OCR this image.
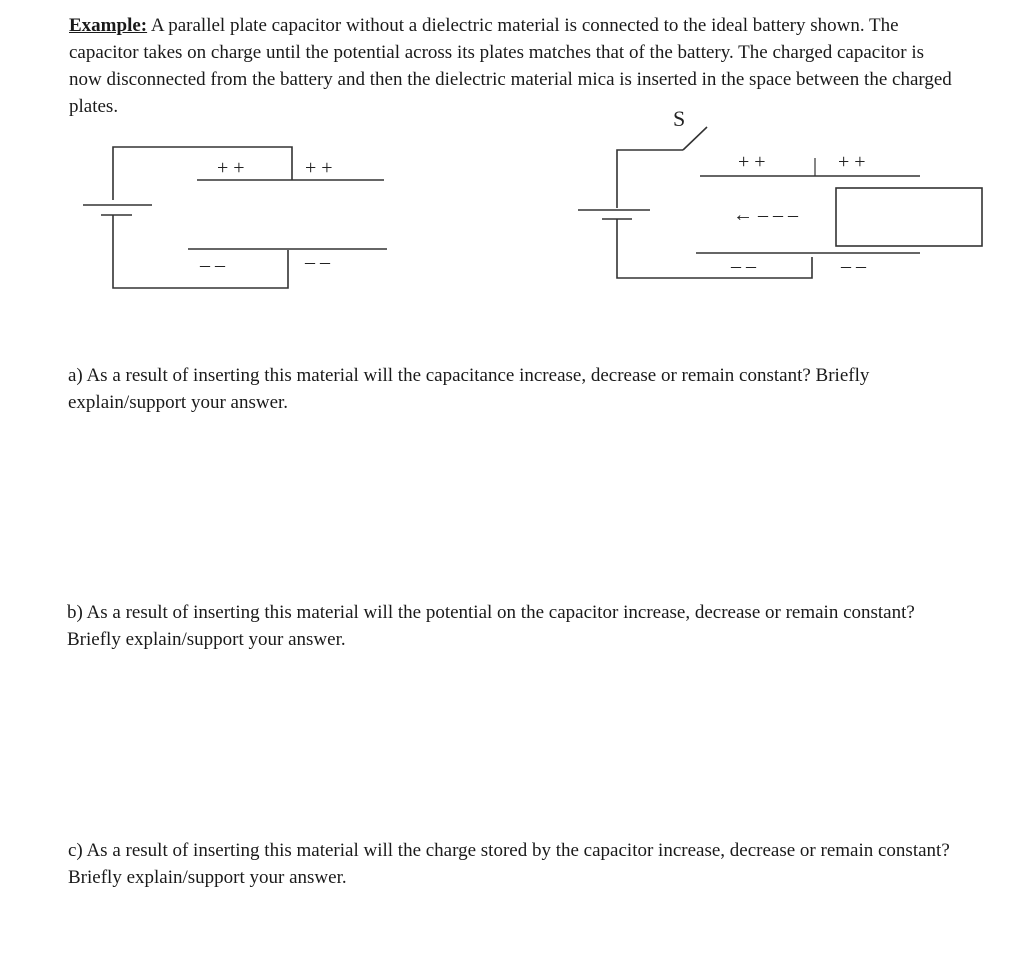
Example: A parallel plate capacitor without a dielectric material is connected to the ideal battery shown. The capacitor takes on charge until the potential across its plates matches that of the battery. The charged capacitor is now disconnected from the battery and then the dielectric material mica is inserted in the space between the charged plates.

+ +	+ +
– –	– –
S
+ +	+ +
– –	– –
← – – –

a) As a result of inserting this material will the capacitance increase, decrease or remain constant? Briefly explain/support your answer.

b) As a result of inserting this material will the potential on the capacitor increase, decrease or remain constant? Briefly explain/support your answer.

c) As a result of inserting this material will the charge stored by the capacitor increase, decrease or remain constant? Briefly explain/support your answer.
